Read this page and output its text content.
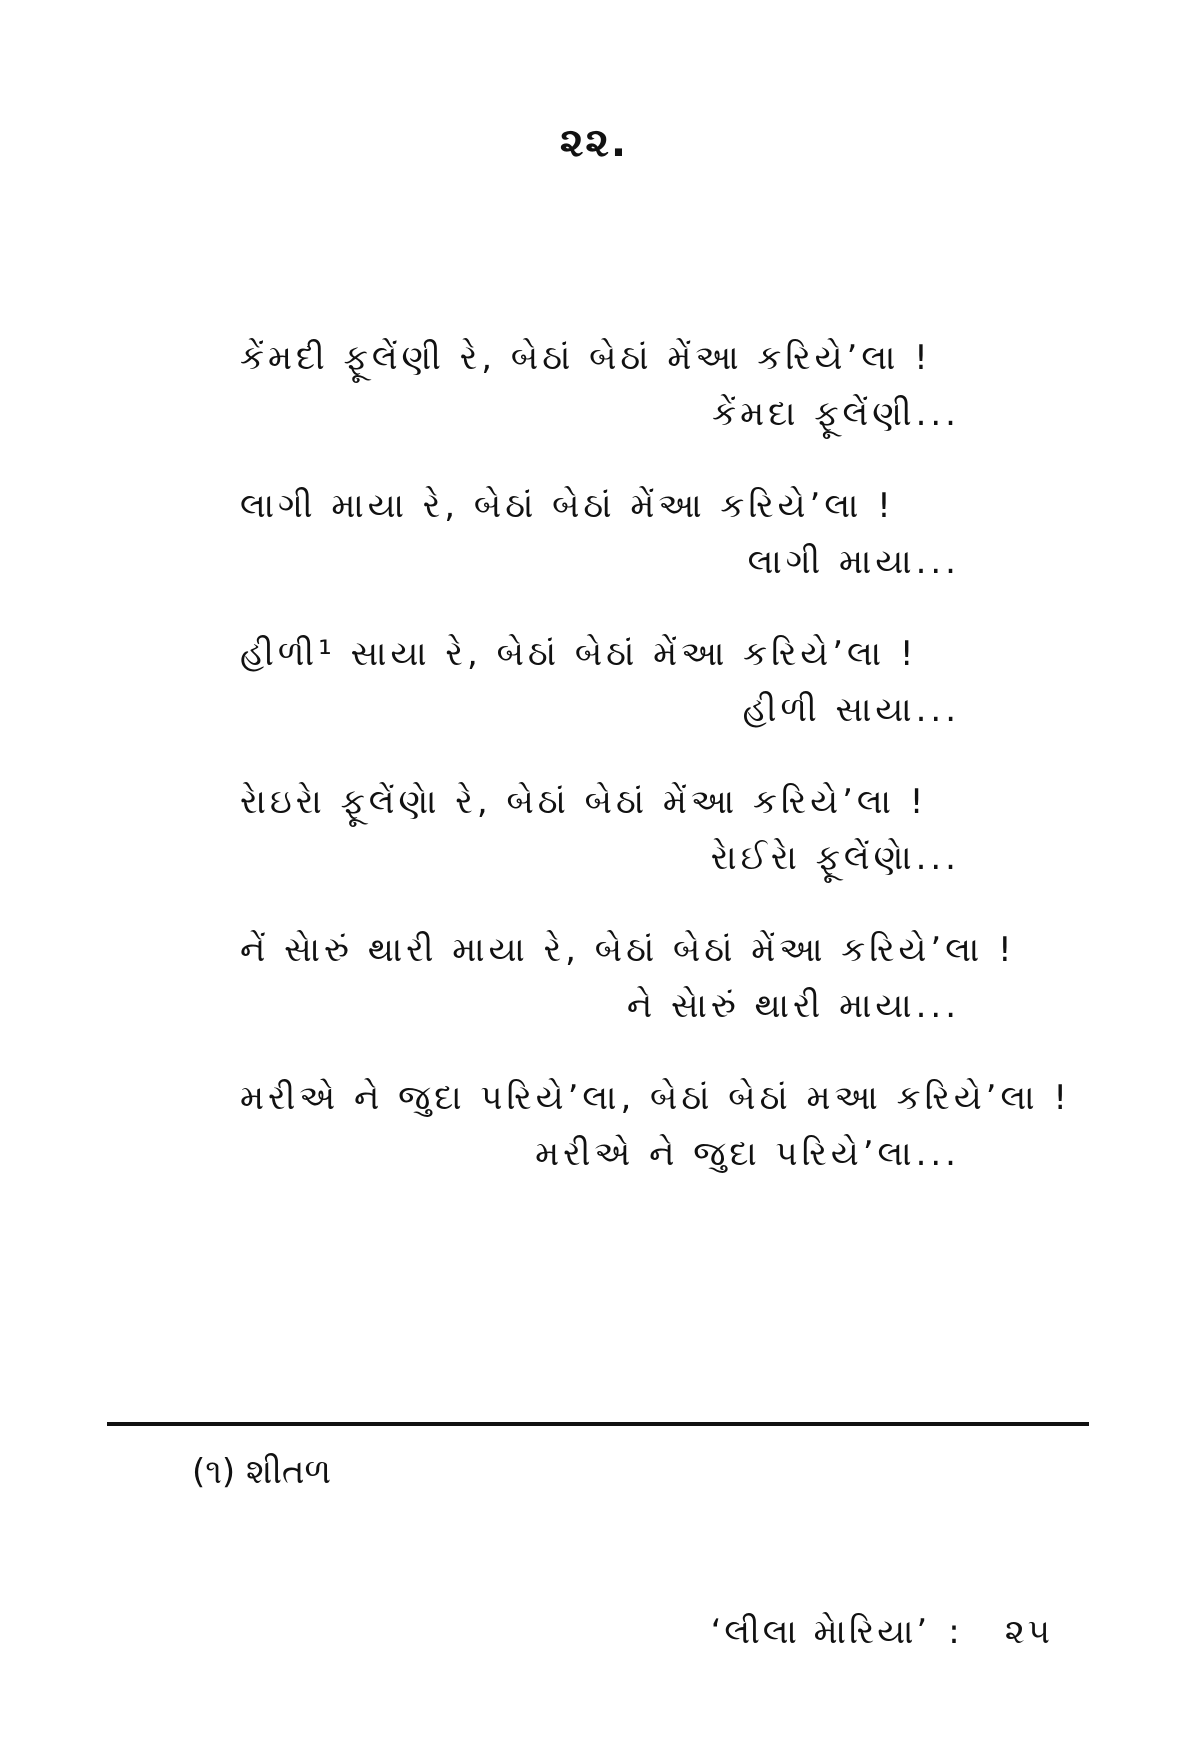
૨૨.
કેંમદી ફૂલેંણી રે, બેઠાં બેઠાં મેંઆ કરિયે’લા !
કેંમદા ફૂલેંણી...
લાગી માયા રે, બેઠાં બેઠાં મેંઆ કરિયે’લા !
લાગી માયા...
હીળી¹ સાયા રે, બેઠાં બેઠાં મેંઆ કરિયે’લા !
હીળી સાયા...
રેાઇરેા ફૂલેંણેા રે, બેઠાં બેઠાં મેંઆ કરિયે’લા !
રેાઈરેા ફૂલેંણેા...
નેં સેારું થારી માયા રે, બેઠાં બેઠાં મેંઆ કરિયે’લા !
ને સેારું થારી માયા...
મરીએ ને જુદા પરિયે’લા, બેઠાં બેઠાં મઆ કરિયે’લા !
મરીએ ને જુદા પરિયે’લા...
(૧) શીતળ
‘લીલા મેારિયા’ : ૨૫
